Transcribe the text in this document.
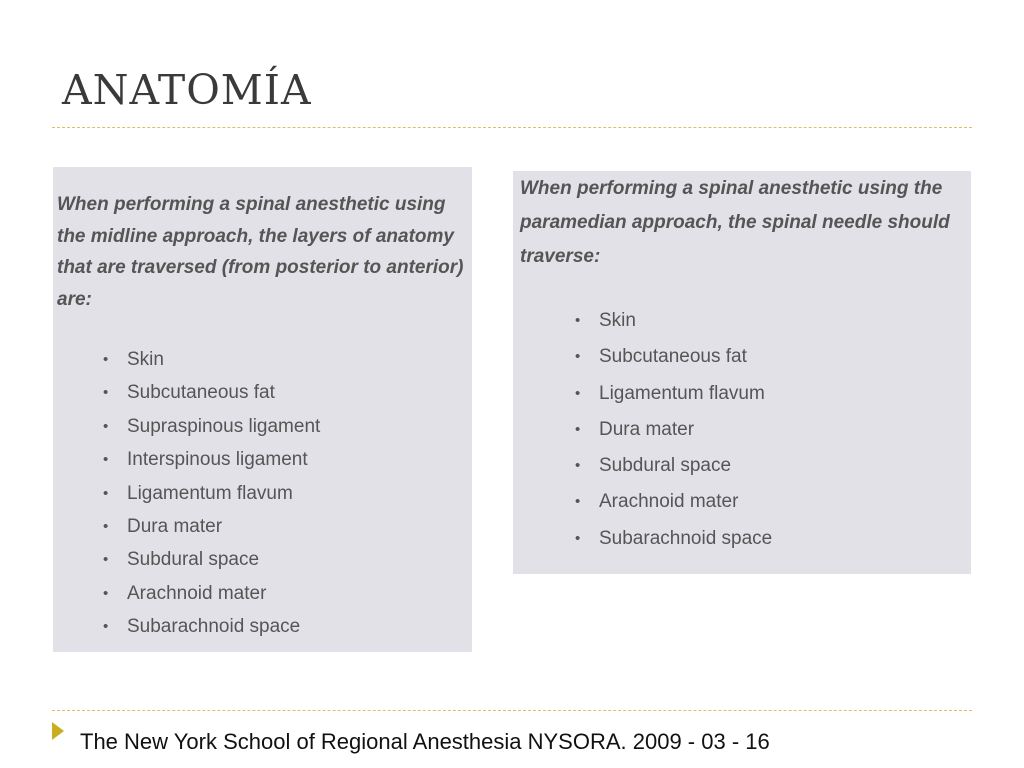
ANATOMÍA

When performing a spinal anesthetic using the midline approach, the layers of anatomy that are traversed (from posterior to anterior) are:

• Skin
• Subcutaneous fat
• Supraspinous ligament
• Interspinous ligament
• Ligamentum flavum
• Dura mater
• Subdural space
• Arachnoid mater
• Subarachnoid space

When performing a spinal anesthetic using the paramedian approach, the spinal needle should traverse:

• Skin
• Subcutaneous fat
• Ligamentum flavum
• Dura mater
• Subdural space
• Arachnoid mater
• Subarachnoid space

The New York School of Regional Anesthesia NYSORA. 2009 - 03 - 16
